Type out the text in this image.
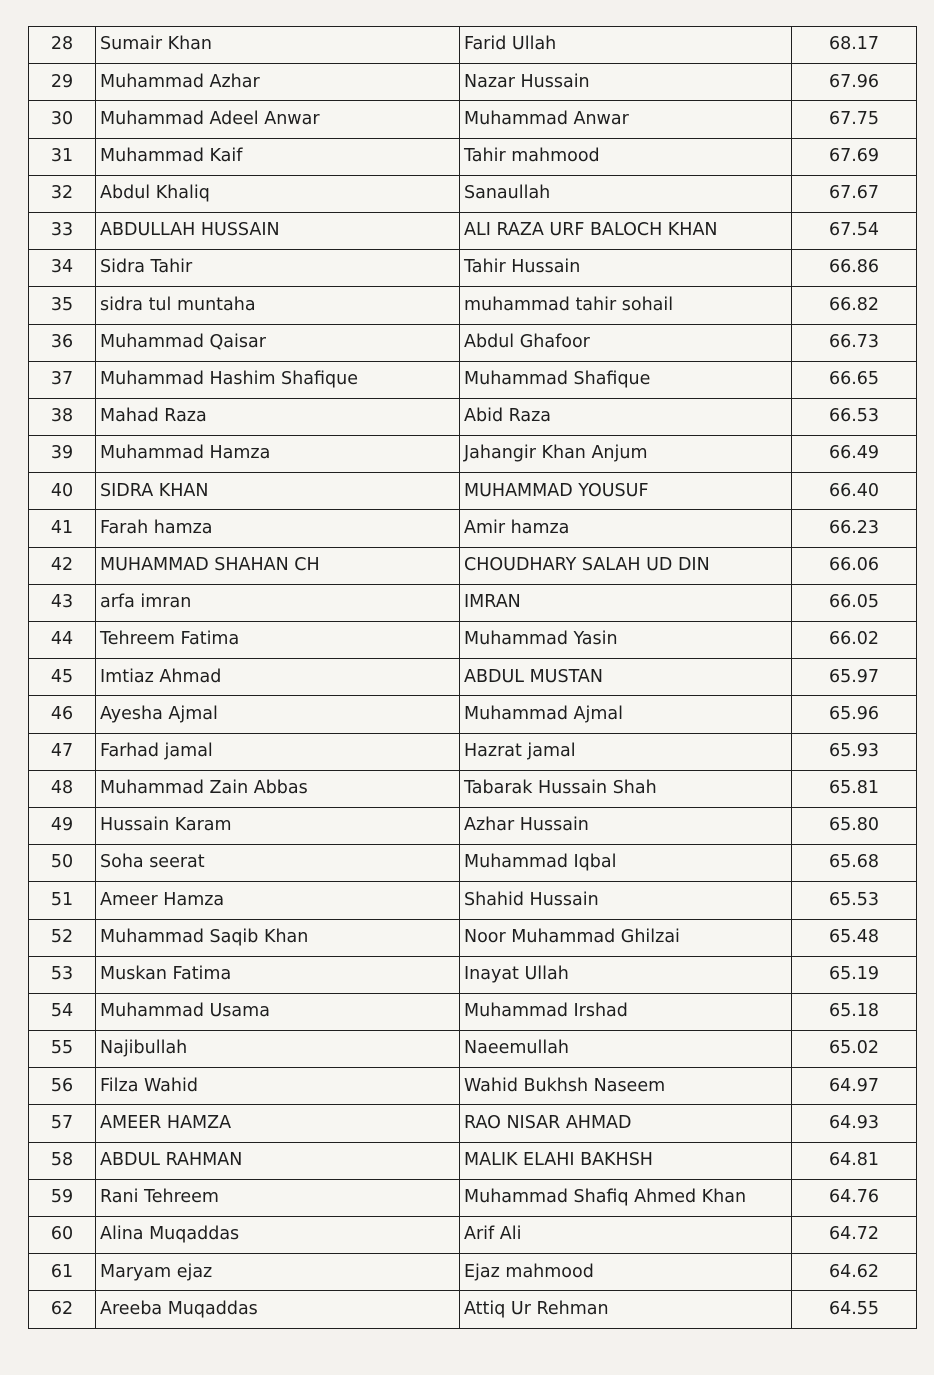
28	Sumair Khan	Farid Ullah	68.17
29	Muhammad Azhar	Nazar Hussain	67.96
30	Muhammad Adeel Anwar	Muhammad Anwar	67.75
31	Muhammad Kaif	Tahir mahmood	67.69
32	Abdul Khaliq	Sanaullah	67.67
33	ABDULLAH HUSSAIN	ALI RAZA URF BALOCH KHAN	67.54
34	Sidra Tahir	Tahir Hussain	66.86
35	sidra tul muntaha	muhammad tahir sohail	66.82
36	Muhammad Qaisar	Abdul Ghafoor	66.73
37	Muhammad Hashim Shafique	Muhammad Shafique	66.65
38	Mahad Raza	Abid Raza	66.53
39	Muhammad Hamza	Jahangir Khan Anjum	66.49
40	SIDRA KHAN	MUHAMMAD YOUSUF	66.40
41	Farah hamza	Amir hamza	66.23
42	MUHAMMAD SHAHAN CH	CHOUDHARY SALAH UD DIN	66.06
43	arfa imran	IMRAN	66.05
44	Tehreem Fatima	Muhammad Yasin	66.02
45	Imtiaz Ahmad	ABDUL MUSTAN	65.97
46	Ayesha Ajmal	Muhammad Ajmal	65.96
47	Farhad jamal	Hazrat jamal	65.93
48	Muhammad Zain Abbas	Tabarak Hussain Shah	65.81
49	Hussain Karam	Azhar Hussain	65.80
50	Soha seerat	Muhammad Iqbal	65.68
51	Ameer Hamza	Shahid Hussain	65.53
52	Muhammad Saqib Khan	Noor Muhammad Ghilzai	65.48
53	Muskan Fatima	Inayat Ullah	65.19
54	Muhammad Usama	Muhammad Irshad	65.18
55	Najibullah	Naeemullah	65.02
56	Filza Wahid	Wahid Bukhsh Naseem	64.97
57	AMEER HAMZA	RAO NISAR AHMAD	64.93
58	ABDUL RAHMAN	MALIK ELAHI BAKHSH	64.81
59	Rani Tehreem	Muhammad Shafiq Ahmed Khan	64.76
60	Alina Muqaddas	Arif Ali	64.72
61	Maryam ejaz	Ejaz mahmood	64.62
62	Areeba Muqaddas	Attiq Ur Rehman	64.55
